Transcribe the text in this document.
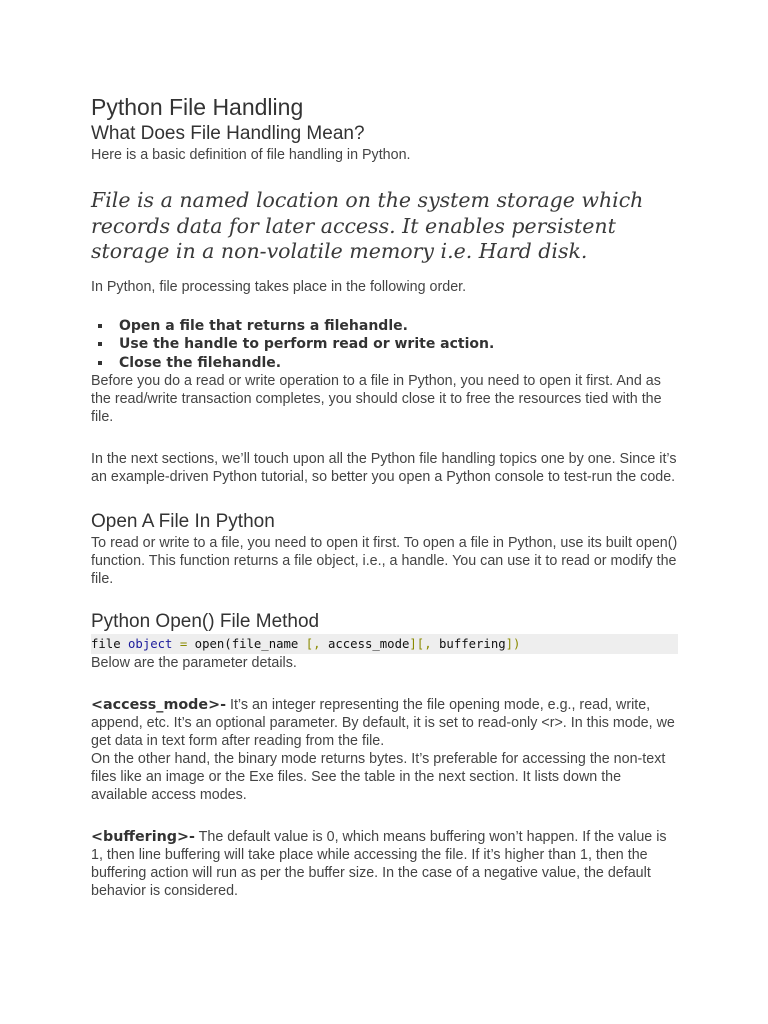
Python File Handling
What Does File Handling Mean?

Here is a basic definition of file handling in Python.

File is a named location on the system storage which records data for later access. It enables persistent storage in a non-volatile memory i.e. Hard disk.

In Python, file processing takes place in the following order.

Open a file that returns a filehandle.
Use the handle to perform read or write action.
Close the filehandle.

Before you do a read or write operation to a file in Python, you need to open it first. And as the read/write transaction completes, you should close it to free the resources tied with the file.

In the next sections, we’ll touch upon all the Python file handling topics one by one. Since it’s an example-driven Python tutorial, so better you open a Python console to test-run the code.

Open A File In Python

To read or write to a file, you need to open it first. To open a file in Python, use its built open() function. This function returns a file object, i.e., a handle. You can use it to read or modify the file.

Python Open() File Method
file object = open(file_name [, access_mode][, buffering])

Below are the parameter details.

<access_mode>- It’s an integer representing the file opening mode, e.g., read, write, append, etc. It’s an optional parameter. By default, it is set to read-only <r>. In this mode, we get data in text form after reading from the file.

On the other hand, the binary mode returns bytes. It’s preferable for accessing the non-text files like an image or the Exe files. See the table in the next section. It lists down the available access modes.

<buffering>- The default value is 0, which means buffering won’t happen. If the value is 1, then line buffering will take place while accessing the file. If it’s higher than 1, then the buffering action will run as per the buffer size. In the case of a negative value, the default behavior is considered.
